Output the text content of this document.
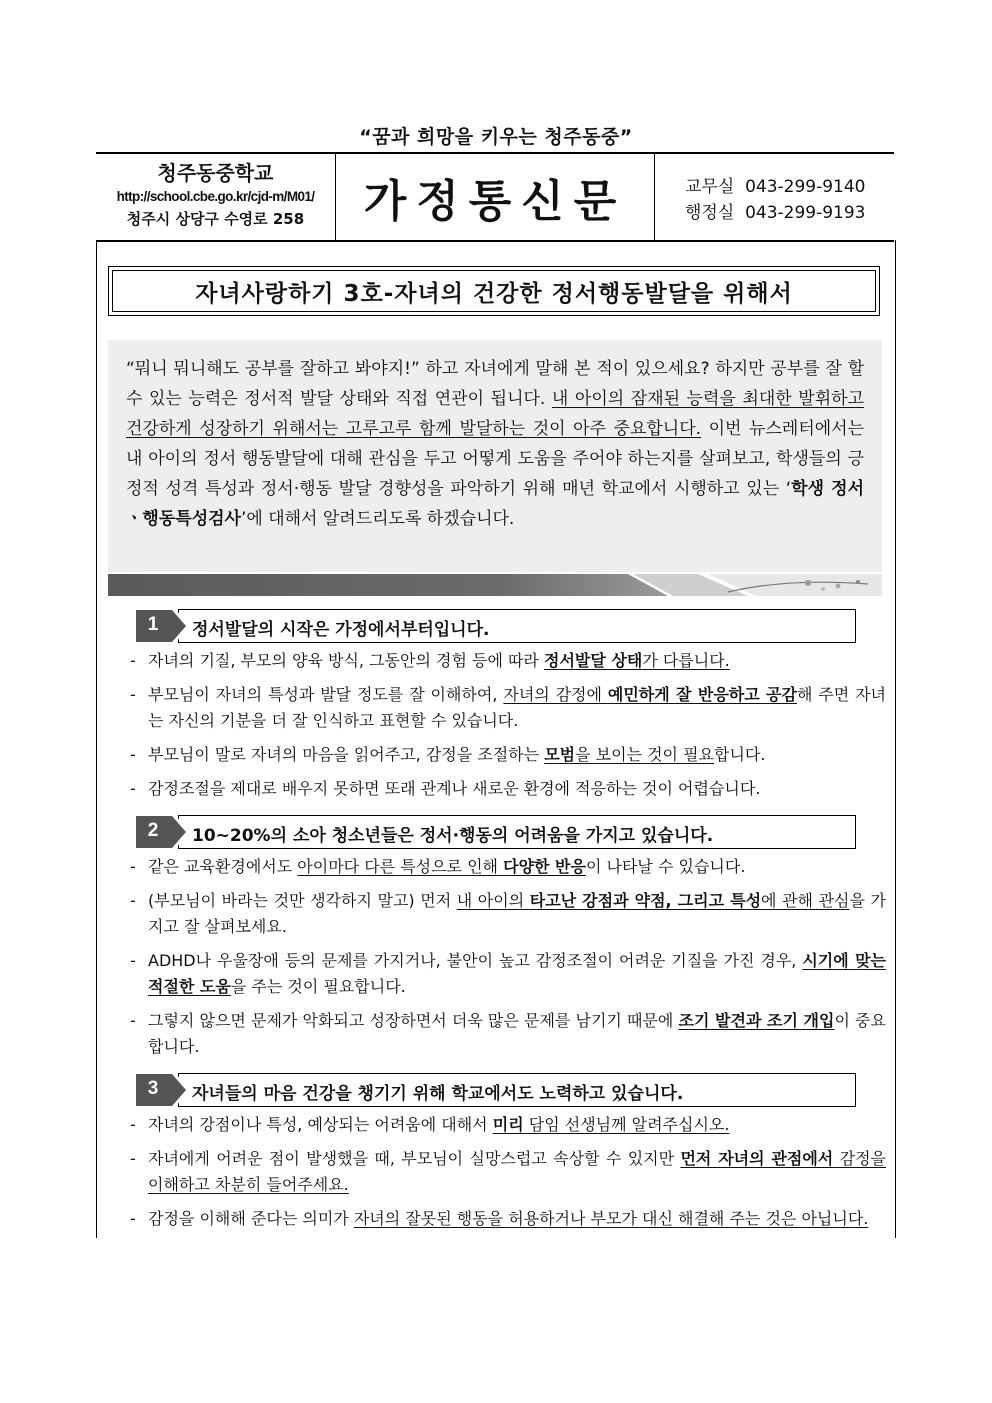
“꿈과 희망을 키우는 청주동중”
청주동중학교
http://school.cbe.go.kr/cjd-m/M01/
청주시 상당구 수영로 258	가정통신문	교무실  043-299-9140
행정실  043-299-9193
자녀사랑하기 3호-자녀의 건강한 정서행동발달을 위해서

“뭐니 뭐니해도 공부를 잘하고 봐야지!” 하고 자녀에게 말해 본 적이 있으세요? 하지만 공부를 잘 할 수 있는 능력은 정서적 발달 상태와 직접 연관이 됩니다. 내 아이의 잠재된 능력을 최대한 발휘하고 건강하게 성장하기 위해서는 고루고루 함께 발달하는 것이 아주 중요합니다. 이번 뉴스레터에서는 내 아이의 정서 행동발달에 대해 관심을 두고 어떻게 도움을 주어야 하는지를 살펴보고, 학생들의 긍정적 성격 특성과 정서·행동 발달 경향성을 파악하기 위해 매년 학교에서 시행하고 있는 ‘학생 정서ㆍ행동특성검사’에 대해서 알려드리도록 하겠습니다.

1	정서발달의 시작은 가정에서부터입니다.
-자녀의 기질, 부모의 양육 방식, 그동안의 경험 등에 따라 정서발달 상태가 다릅니다.
-부모님이 자녀의 특성과 발달 정도를 잘 이해하여, 자녀의 감정에 예민하게 잘 반응하고 공감해 주면 자녀는 자신의 기분을 더 잘 인식하고 표현할 수 있습니다.
-부모님이 말로 자녀의 마음을 읽어주고, 감정을 조절하는 모범을 보이는 것이 필요합니다.
-감정조절을 제대로 배우지 못하면 또래 관계나 새로운 환경에 적응하는 것이 어렵습니다.
2	10~20%의 소아 청소년들은 정서·행동의 어려움을 가지고 있습니다.
-같은 교육환경에서도 아이마다 다른 특성으로 인해 다양한 반응이 나타날 수 있습니다.
-(부모님이 바라는 것만 생각하지 말고) 먼저 내 아이의 타고난 강점과 약점, 그리고 특성에 관해 관심을 가지고 잘 살펴보세요.
-ADHD나 우울장애 등의 문제를 가지거나, 불안이 높고 감정조절이 어려운 기질을 가진 경우, 시기에 맞는 적절한 도움을 주는 것이 필요합니다.
-그렇지 않으면 문제가 악화되고 성장하면서 더욱 많은 문제를 남기기 때문에 조기 발견과 조기 개입이 중요합니다.
3	자녀들의 마음 건강을 챙기기 위해 학교에서도 노력하고 있습니다.
-자녀의 강점이나 특성, 예상되는 어려움에 대해서 미리 담임 선생님께 알려주십시오.
-자녀에게 어려운 점이 발생했을 때, 부모님이 실망스럽고 속상할 수 있지만 먼저 자녀의 관점에서 감정을 이해하고 차분히 들어주세요.
-감정을 이해해 준다는 의미가 자녀의 잘못된 행동을 허용하거나 부모가 대신 해결해 주는 것은 아닙니다.
